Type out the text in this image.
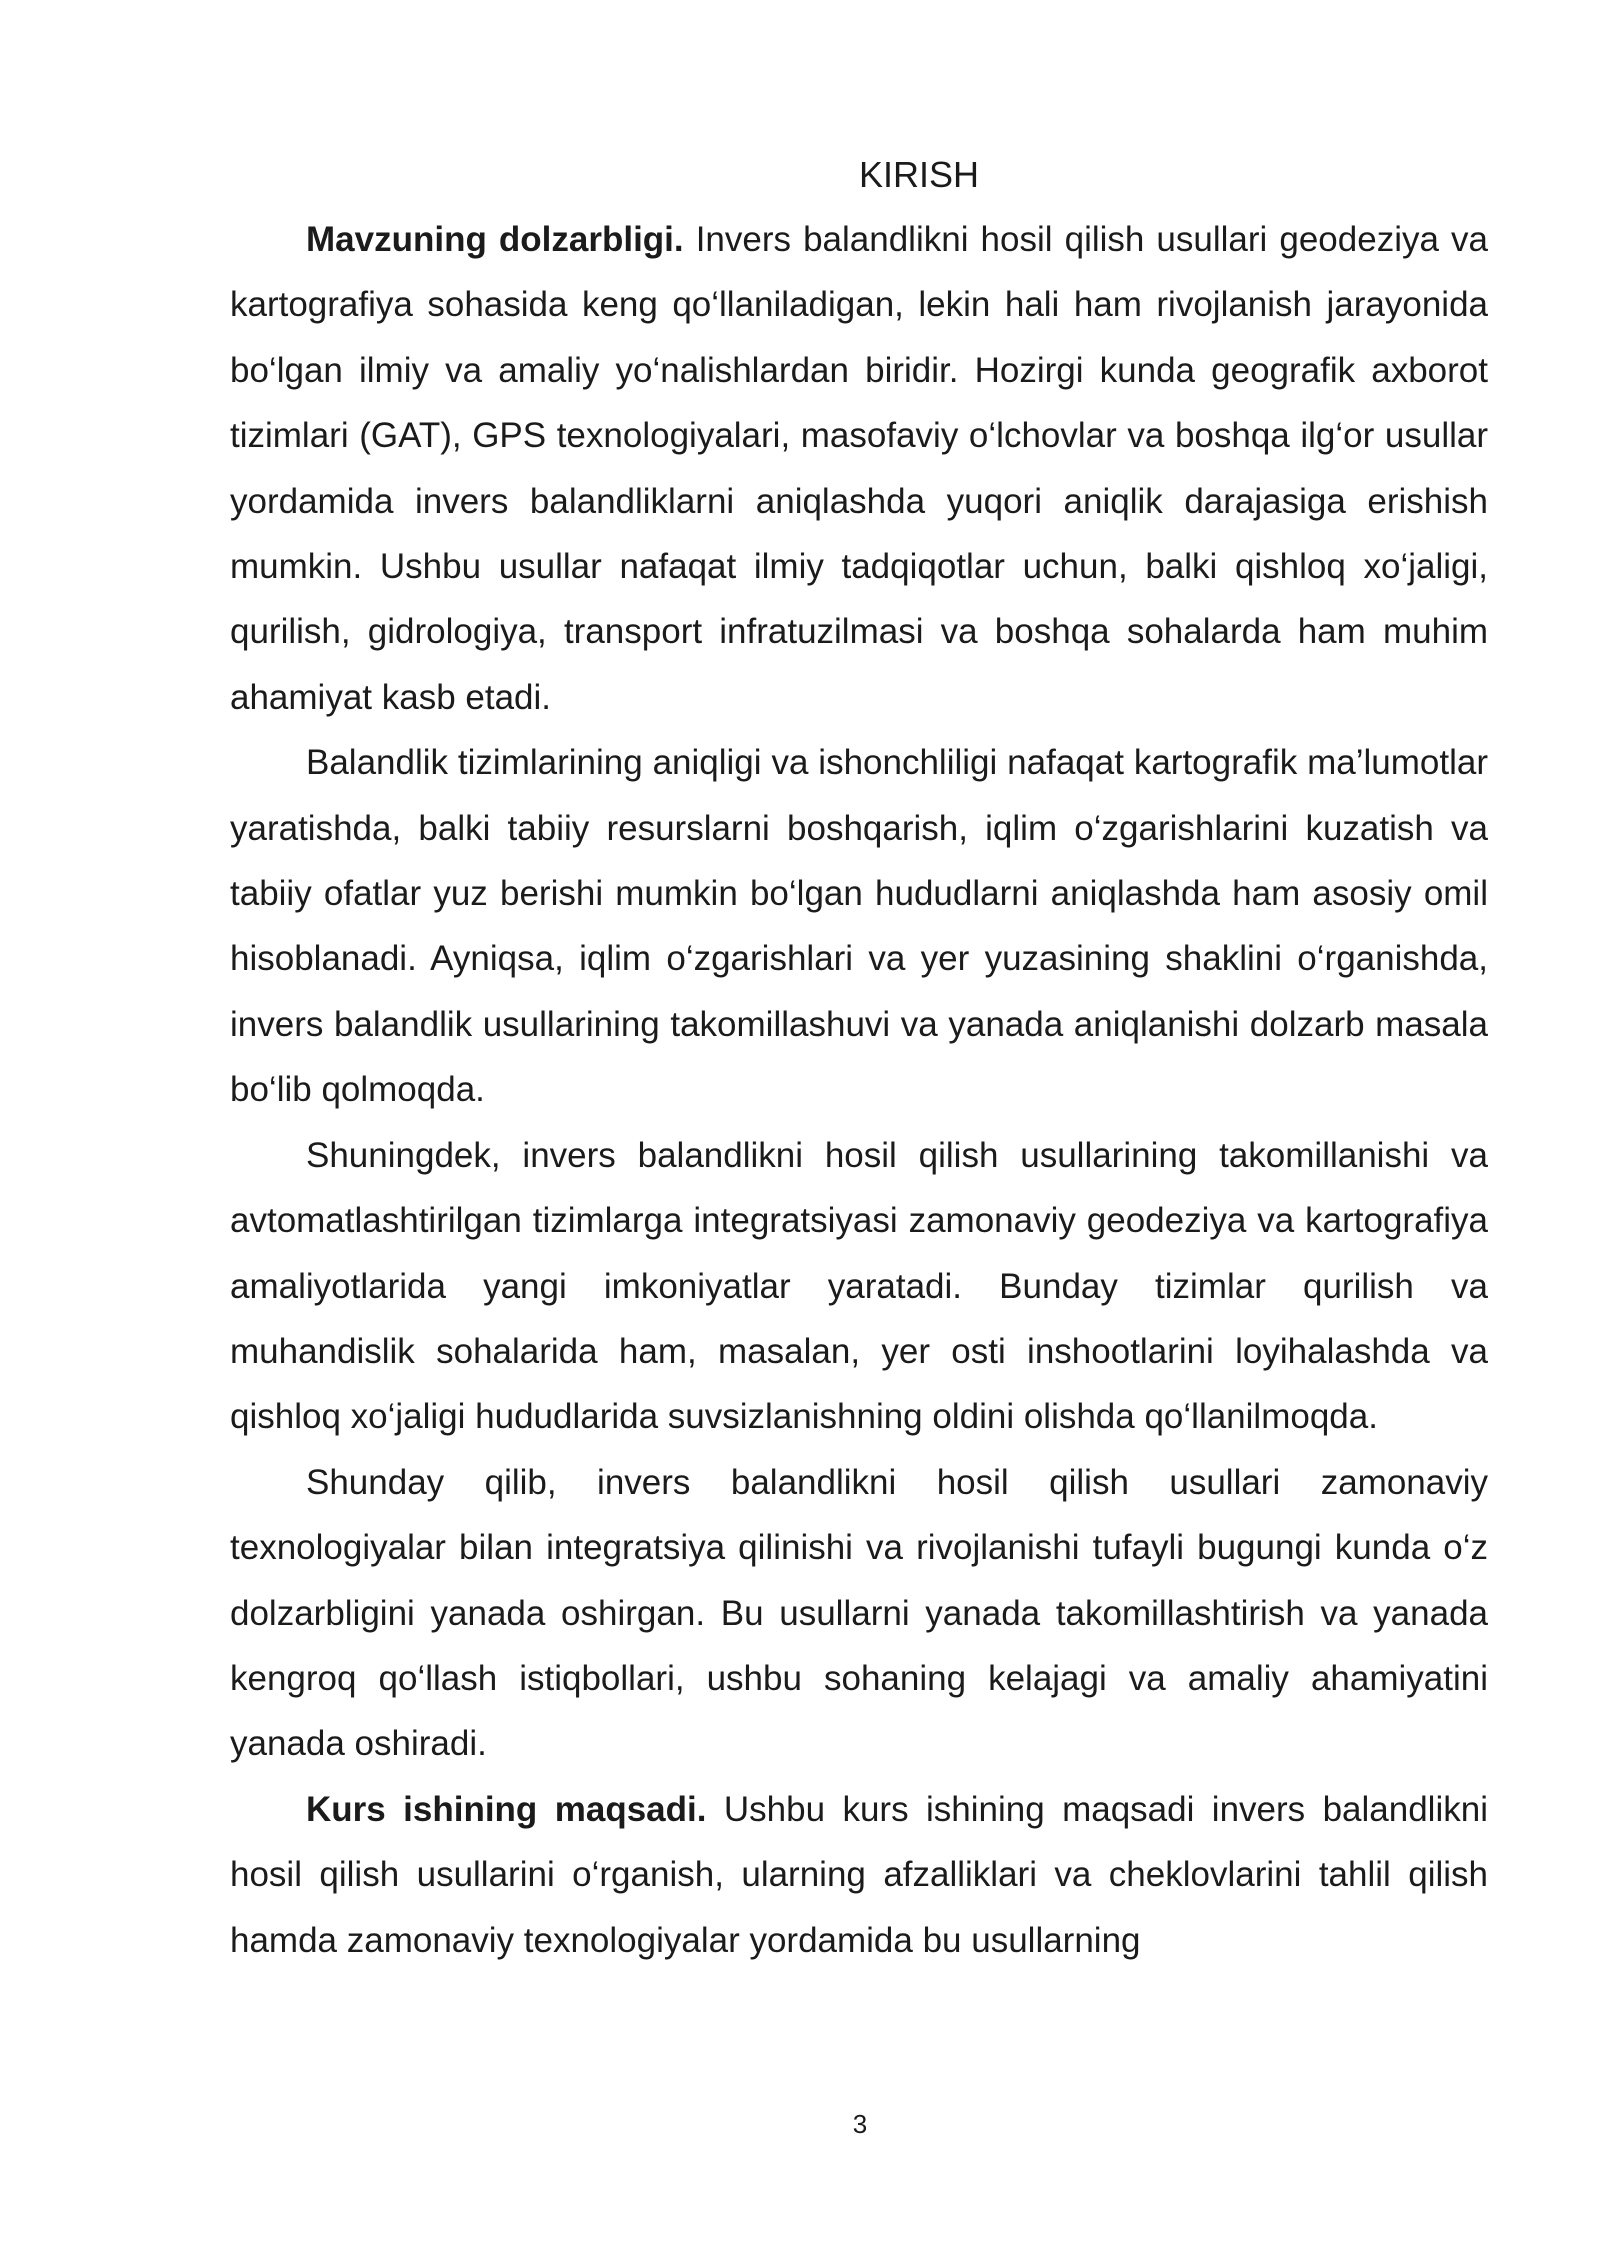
KIRISH

Mavzuning dolzarbligi. Invers balandlikni hosil qilish usullari geodeziya va kartografiya sohasida keng qo‘llaniladigan, lekin hali ham rivojlanish jarayonida bo‘lgan ilmiy va amaliy yo‘nalishlardan biridir. Hozirgi kunda geografik axborot tizimlari (GAT), GPS texnologiyalari, masofaviy o‘lchovlar va boshqa ilg‘or usullar yordamida invers balandliklarni aniqlashda yuqori aniqlik darajasiga erishish mumkin. Ushbu usullar nafaqat ilmiy tadqiqotlar uchun, balki qishloq xo‘jaligi, qurilish, gidrologiya, transport infratuzilmasi va boshqa sohalarda ham muhim ahamiyat kasb etadi.

Balandlik tizimlarining aniqligi va ishonchliligi nafaqat kartografik ma’lumotlar yaratishda, balki tabiiy resurslarni boshqarish, iqlim o‘zgarishlarini kuzatish va tabiiy ofatlar yuz berishi mumkin bo‘lgan hududlarni aniqlashda ham asosiy omil hisoblanadi. Ayniqsa, iqlim o‘zgarishlari va yer yuzasining shaklini o‘rganishda, invers balandlik usullarining takomillashuvi va yanada aniqlanishi dolzarb masala bo‘lib qolmoqda.

Shuningdek, invers balandlikni hosil qilish usullarining takomillanishi va avtomatlashtirilgan tizimlarga integratsiyasi zamonaviy geodeziya va kartografiya amaliyotlarida yangi imkoniyatlar yaratadi. Bunday tizimlar qurilish va muhandislik sohalarida ham, masalan, yer osti inshootlarini loyihalashda va qishloq xo‘jaligi hududlarida suvsizlanishning oldini olishda qo‘llanilmoqda.

Shunday qilib, invers balandlikni hosil qilish usullari zamonaviy texnologiyalar bilan integratsiya qilinishi va rivojlanishi tufayli bugungi kunda o‘z dolzarbligini yanada oshirgan. Bu usullarni yanada takomillashtirish va yanada kengroq qo‘llash istiqbollari, ushbu sohaning kelajagi va amaliy ahamiyatini yanada oshiradi.

Kurs ishining maqsadi. Ushbu kurs ishining maqsadi invers balandlikni hosil qilish usullarini o‘rganish, ularning afzalliklari va cheklovlarini tahlil qilish hamda zamonaviy texnologiyalar yordamida bu usullarning

3
